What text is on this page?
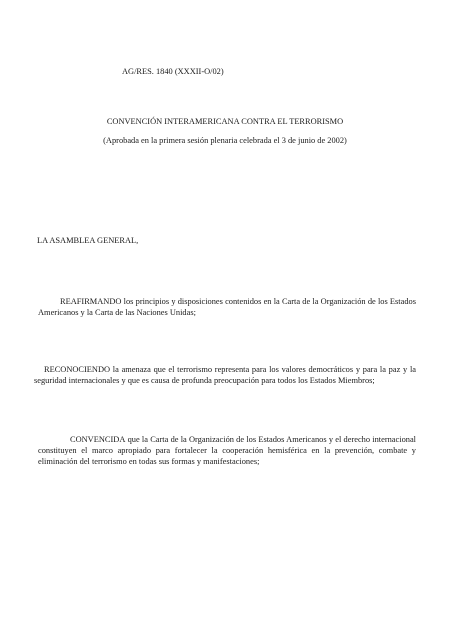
AG/RES. 1840 (XXXII-O/02)
CONVENCIÓN INTERAMERICANA CONTRA EL TERRORISMO
(Aprobada en la primera sesión plenaria celebrada el 3 de junio de 2002)
LA ASAMBLEA GENERAL,
REAFIRMANDO los principios y disposiciones contenidos en la Carta de la Organización de los Estados Americanos y la Carta de las Naciones Unidas;
RECONOCIENDO la amenaza que el terrorismo representa para los valores democráticos y para la paz y la seguridad internacionales y que es causa de profunda preocupación para todos los Estados Miembros;
CONVENCIDA que la Carta de la Organización de los Estados Americanos y el derecho internacional constituyen el marco apropiado para fortalecer la cooperación hemisférica en la prevención, combate y eliminación del terrorismo en todas sus formas y manifestaciones;
